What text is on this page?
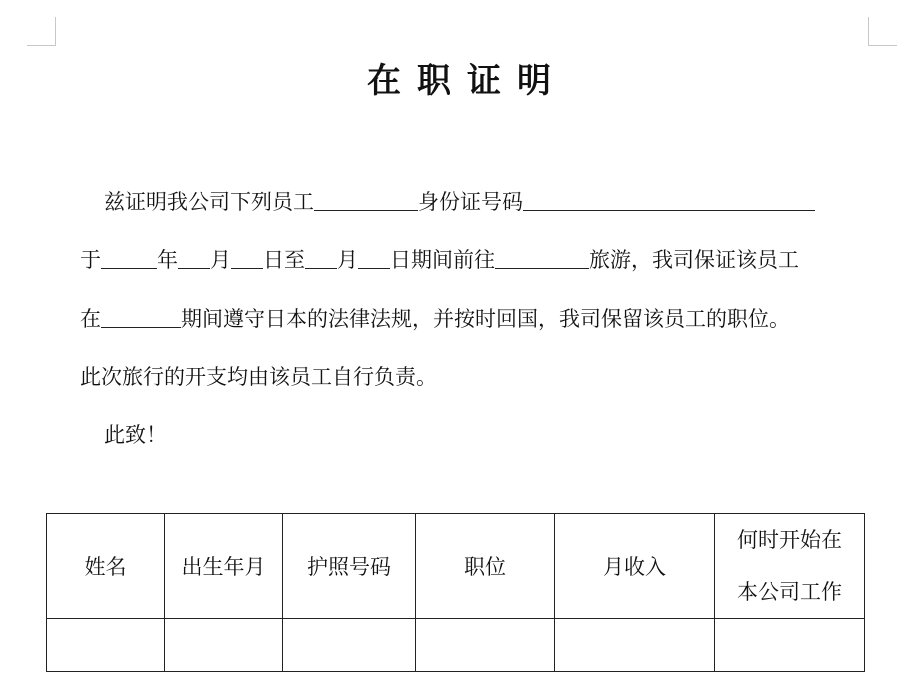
在职证明
兹证明我公司下列员工	身份证号码
于	年 月 日至 月 日期间前往	旅游，我司保证该员工
在	期间遵守日本的法律法规，并按时回国，我司保留该员工的职位。
此次旅行的开支均由该员工自行负责。
此致！
姓名	出生年月	护照号码	职位	月收入	何时开始在
本公司工作
